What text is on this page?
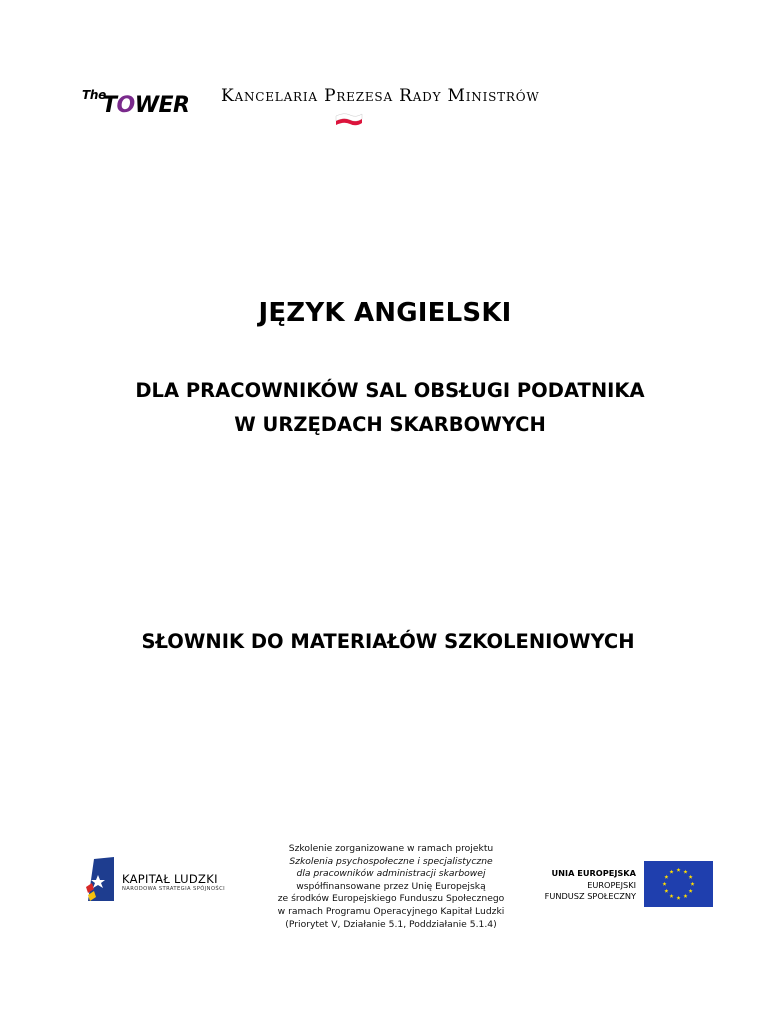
The
TOWER Kancelaria Prezesa Rady Ministrów
JĘZYK ANGIELSKI
DLA PRACOWNIKÓW SAL OBSŁUGI PODATNIKA
W URZĘDACH SKARBOWYCH
SŁOWNIK DO MATERIAŁÓW SZKOLENIOWYCH
KAPITAŁ LUDZKI
NARODOWA STRATEGIA SPÓJNOŚCI
Szkolenie zorganizowane w ramach projektu
Szkolenia psychospołeczne i specjalistyczne
dla pracowników administracji skarbowej
współfinansowane przez Unię Europejską
ze środków Europejskiego Funduszu Społecznego
w ramach Programu Operacyjnego Kapitał Ludzki
(Priorytet V, Działanie 5.1, Poddziałanie 5.1.4)
UNIA EUROPEJSKA
EUROPEJSKI
FUNDUSZ SPOŁECZNY
